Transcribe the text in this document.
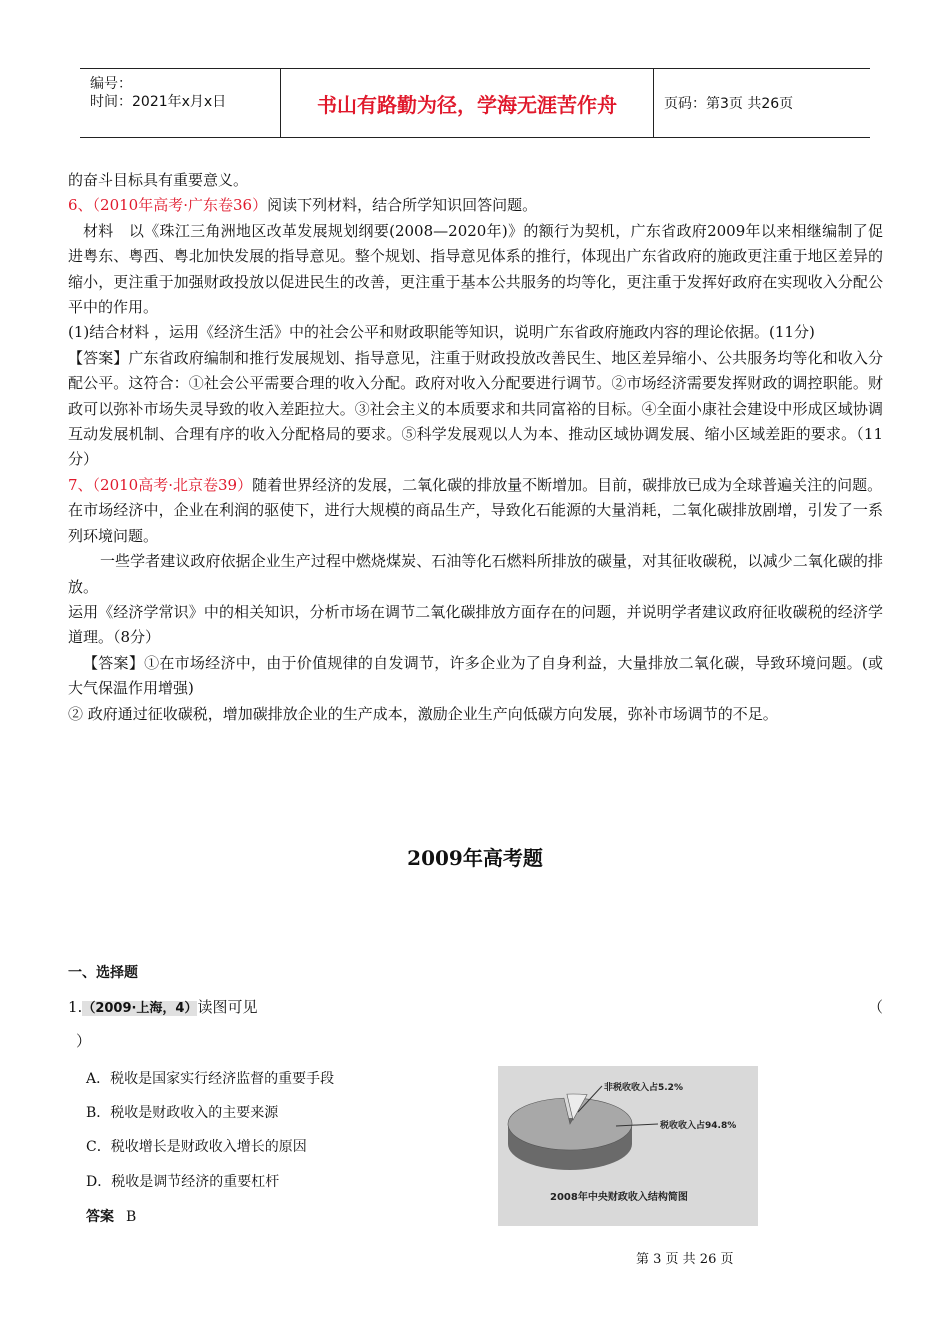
编号：
时间：2021年x月x日	书山有路勤为径，学海无涯苦作舟	页码：第3页 共26页

的奋斗目标具有重要意义。

6、（2010年高考·广东卷36）阅读下列材料，结合所学知识回答问题。

材料　以《珠江三角洲地区改革发展规划纲要(2008—2020年)》的额行为契机，广东省政府2009年以来相继编制了促进粤东、粤西、粤北加快发展的指导意见。整个规划、指导意见体系的推行，体现出广东省政府的施政更注重于地区差异的缩小，更注重于加强财政投放以促进民生的改善，更注重于基本公共服务的均等化，更注重于发挥好政府在实现收入分配公平中的作用。

(1)结合材料 ，运用《经济生活》中的社会公平和财政职能等知识，说明广东省政府施政内容的理论依据。(11分)

【答案】广东省政府编制和推行发展规划、指导意见，注重于财政投放改善民生、地区差异缩小、公共服务均等化和收入分配公平。这符合：①社会公平需要合理的收入分配。政府对收入分配要进行调节。②市场经济需要发挥财政的调控职能。财政可以弥补市场失灵导致的收入差距拉大。③社会主义的本质要求和共同富裕的目标。④全面小康社会建设中形成区域协调互动发展机制、合理有序的收入分配格局的要求。⑤科学发展观以人为本、推动区域协调发展、缩小区域差距的要求。（11分）

7、（2010高考·北京卷39）随着世界经济的发展，二氧化碳的排放量不断增加。目前，碳排放已成为全球普遍关注的问题。

在市场经济中，企业在利润的驱使下，进行大规模的商品生产，导致化石能源的大量消耗，二氧化碳排放剧增，引发了一系列环境问题。

一些学者建议政府依据企业生产过程中燃烧煤炭、石油等化石燃料所排放的碳量，对其征收碳税，以减少二氧化碳的排放。

运用《经济学常识》中的相关知识，分析市场在调节二氧化碳排放方面存在的问题，并说明学者建议政府征收碳税的经济学道理。（8分）

【答案】①在市场经济中，由于价值规律的自发调节，许多企业为了自身利益，大量排放二氧化碳，导致环境问题。(或大气保温作用增强)

② 政府通过征收碳税，增加碳排放企业的生产成本，激励企业生产向低碳方向发展，弥补市场调节的不足。

2009年高考题
一、选择题
1.（2009·上海，4）读图可见	（
）
A．税收是国家实行经济监督的重要手段
B．税收是财政收入的主要来源
C．税收增长是财政收入增长的原因
D．税收是调节经济的重要杠杆
答案 B
非税收收入占5.2%
税收收入占94.8%
2008年中央财政收入结构简图
第 3 页 共 26 页
